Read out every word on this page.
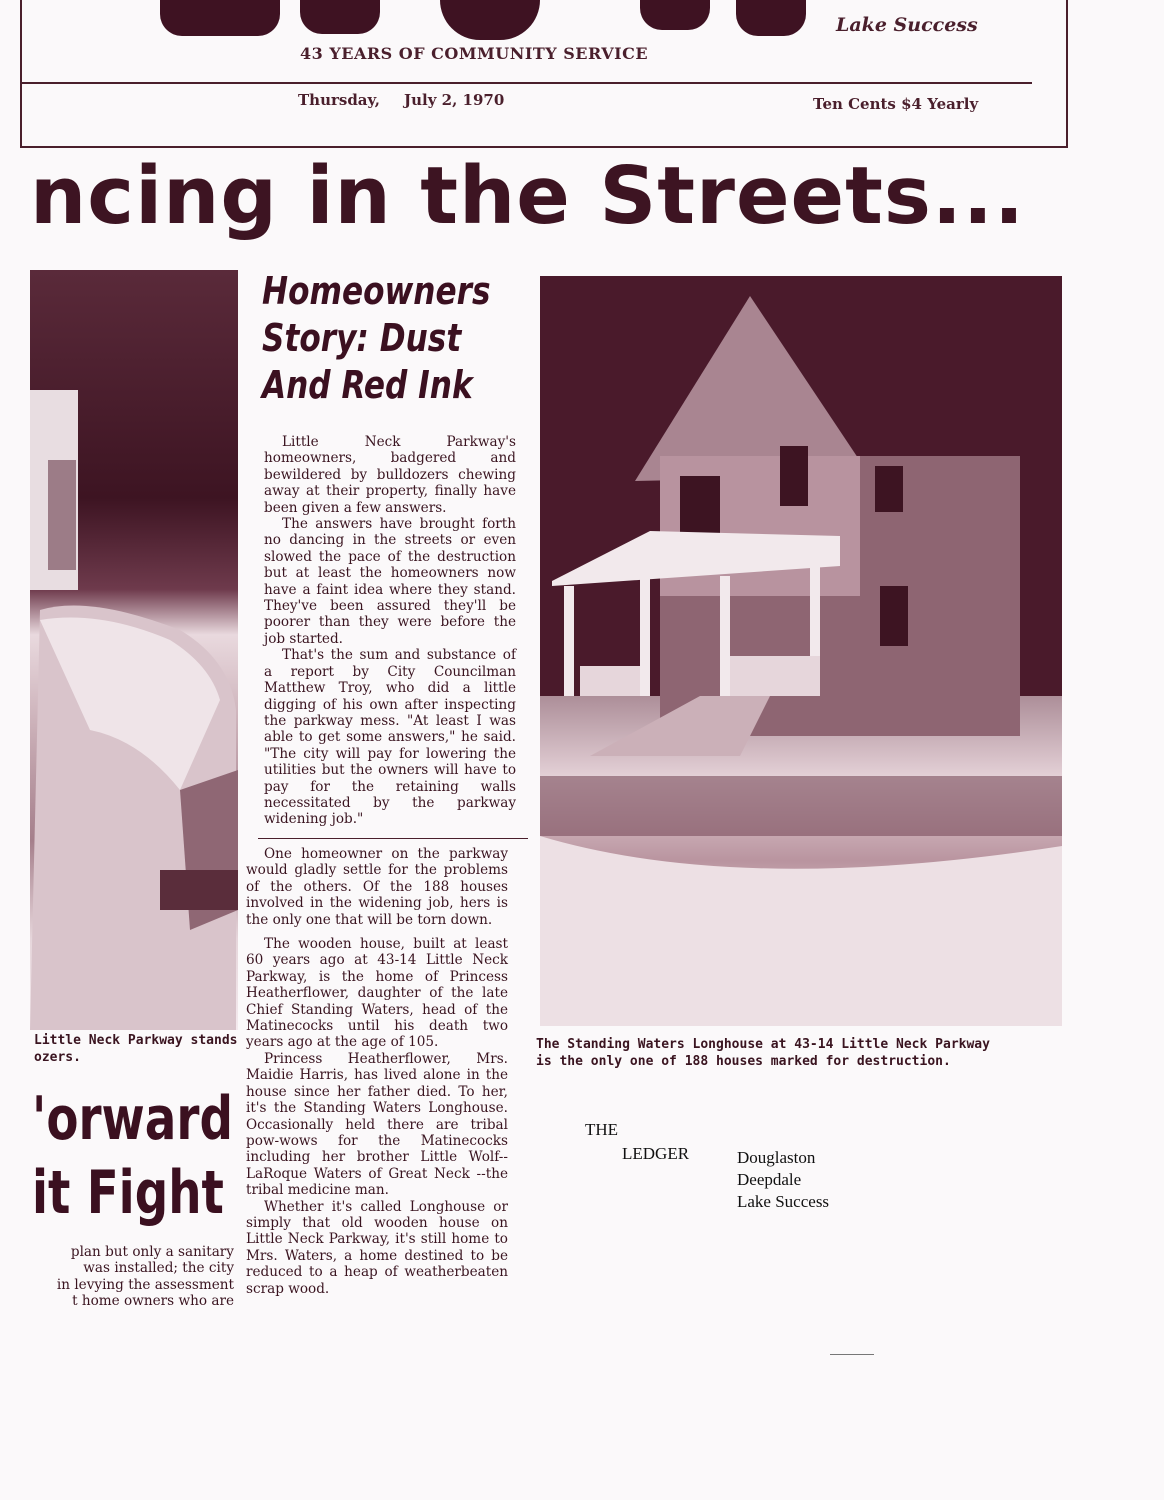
Lake Success
43 YEARS OF COMMUNITY SERVICE
Thursday, July 2, 1970	Ten Cents $4 Yearly
ncing in the Streets...
Little Neck Parkway stands
ozers.
'orward
it Fight
plan but only a sanitary
was installed; the city
in levying the assessment
t home owners who are
Homeowners
Story: Dust
And Red Ink

Little Neck Parkway's homeowners, badgered and bewildered by bulldozers chewing away at their property, finally have been given a few answers.

The answers have brought forth no dancing in the streets or even slowed the pace of the destruction but at least the homeowners now have a faint idea where they stand. They've been assured they'll be poorer than they were before the job started.

That's the sum and substance of a report by City Councilman Matthew Troy, who did a little digging of his own after inspecting the parkway mess. "At least I was able to get some answers," he said. "The city will pay for lowering the utilities but the owners will have to pay for the retaining walls necessitated by the parkway widening job."

One homeowner on the parkway would gladly settle for the problems of the others. Of the 188 houses involved in the widening job, hers is the only one that will be torn down.

The wooden house, built at least 60 years ago at 43-14 Little Neck Parkway, is the home of Princess Heatherflower, daughter of the late Chief Standing Waters, head of the Matinecocks until his death two years ago at the age of 105.

Princess Heatherflower, Mrs. Maidie Harris, has lived alone in the house since her father died. To her, it's the Standing Waters Longhouse. Occasionally held there are tribal pow-wows for the Matinecocks including her brother Little Wolf--LaRoque Waters of Great Neck --the tribal medicine man.

Whether it's called Longhouse or simply that old wooden house on Little Neck Parkway, it's still home to Mrs. Waters, a home destined to be reduced to a heap of weatherbeaten scrap wood.

The Standing Waters Longhouse at 43-14 Little Neck Parkway
is the only one of 188 houses marked for destruction.
THE
LEDGER	Douglaston
Deepdale
Lake Success
